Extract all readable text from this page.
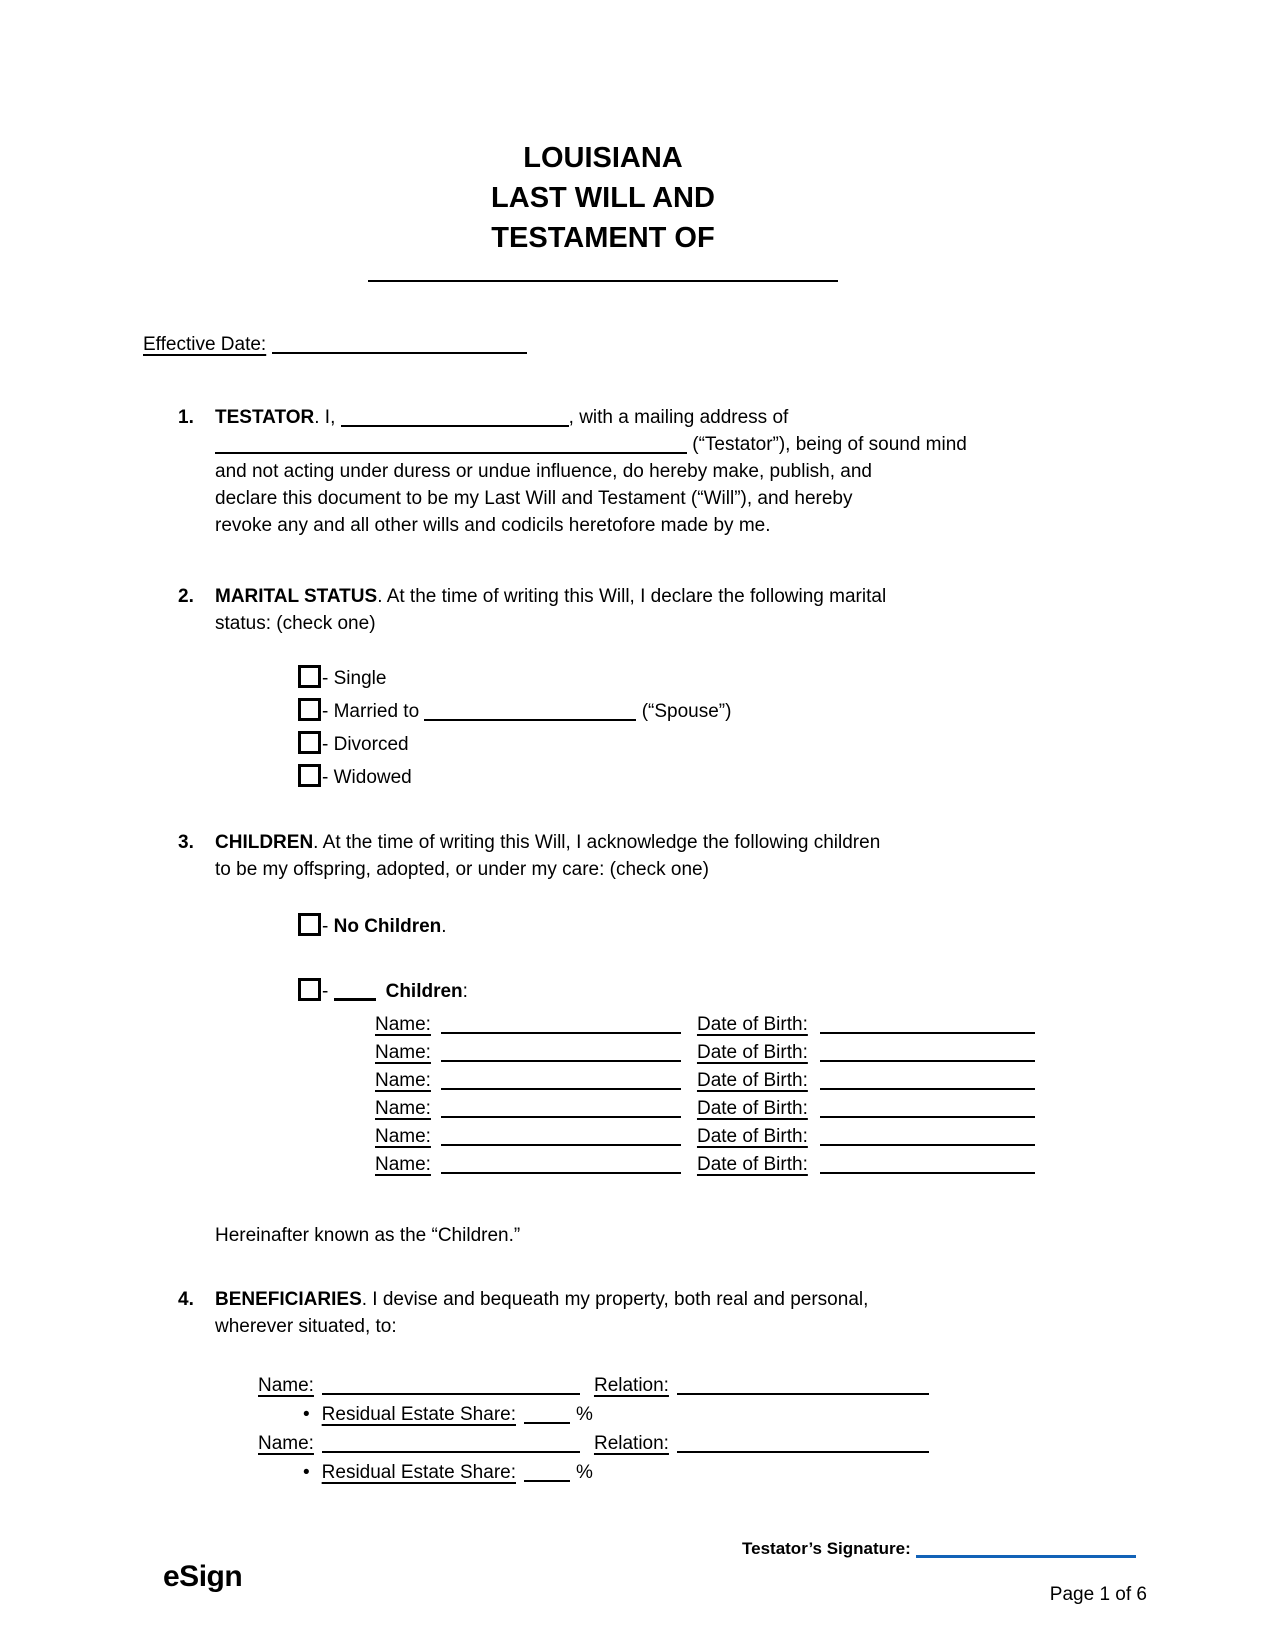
LOUISIANA
LAST WILL AND
TESTAMENT OF
Effective Date:
1. TESTATOR. I,	, with a mailing address of
(“Testator”), being of sound mind
and not acting under duress or undue influence, do hereby make, publish, and
declare this document to be my Last Will and Testament (“Will”), and hereby
revoke any and all other wills and codicils heretofore made by me.
2. MARITAL STATUS. At the time of writing this Will, I declare the following marital
status: (check one)
- Single
- Married to	(“Spouse”)
- Divorced
- Widowed
3. CHILDREN. At the time of writing this Will, I acknowledge the following children
to be my offspring, adopted, or under my care: (check one)
- No Children.
-	Children:
Name:	Date of Birth:
Name:	Date of Birth:
Name:	Date of Birth:
Name:	Date of Birth:
Name:	Date of Birth:
Name:	Date of Birth:
Hereinafter known as the “Children.”
4. BENEFICIARIES. I devise and bequeath my property, both real and personal,
wherever situated, to:
Name:	Relation:
• Residual Estate Share:	%
Name:	Relation:
• Residual Estate Share:	%
Testator’s Signature:
eSign
Page 1 of 6
